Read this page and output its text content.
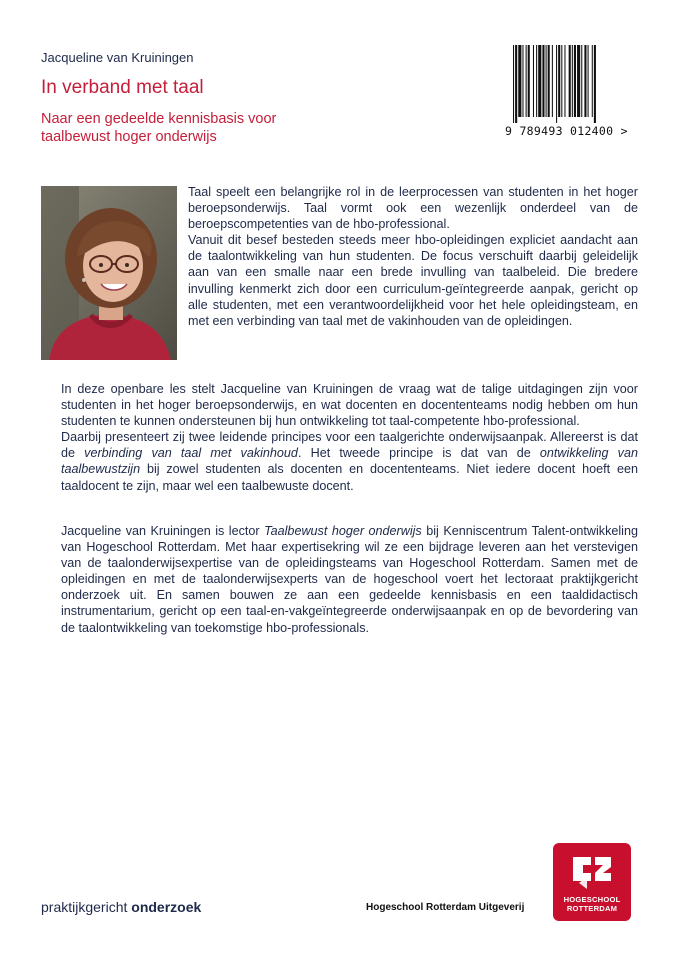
Jacqueline van Kruiningen
In verband met taal
Naar een gedeelde kennisbasis voor taalbewust hoger onderwijs	9 789493 012400 >

Taal speelt een belangrijke rol in de leerprocessen van studenten in het hoger beroepsonderwijs. Taal vormt ook een wezenlijk onderdeel van de beroepscompetenties van de hbo-professional.

Vanuit dit besef besteden steeds meer hbo-opleidingen expliciet aandacht aan de taalontwikkeling van hun studenten. De focus verschuift daarbij geleidelijk aan van een smalle naar een brede invulling van taalbeleid. Die bredere invulling kenmerkt zich door een curriculum-geïntegreerde aanpak, gericht op alle studenten, met een verantwoordelijkheid voor het hele opleidingsteam, en met een verbinding van taal met de vakinhouden van de opleidingen.

In deze openbare les stelt Jacqueline van Kruiningen de vraag wat de talige uitdagingen zijn voor studenten in het hoger beroepsonderwijs, en wat docenten en docententeams nodig hebben om hun studenten te kunnen ondersteunen bij hun ontwikkeling tot taal-competente hbo-professional.

Daarbij presenteert zij twee leidende principes voor een taalgerichte onderwijsaanpak. Allereerst is dat de verbinding van taal met vakinhoud. Het tweede principe is dat van de ontwikkeling van taalbewustzijn bij zowel studenten als docenten en docententeams. Niet iedere docent hoeft een taaldocent te zijn, maar wel een taalbewuste docent.

Jacqueline van Kruiningen is lector Taalbewust hoger onderwijs bij Kenniscentrum Talent-ontwikkeling van Hogeschool Rotterdam. Met haar expertisekring wil ze een bijdrage leveren aan het verstevigen van de taalonderwijsexpertise van de opleidingsteams van Hogeschool Rotterdam. Samen met de opleidingen en met de taalonderwijsexperts van de hogeschool voert het lectoraat praktijkgericht onderzoek uit. En samen bouwen ze aan een gedeelde kennisbasis en een taaldidactisch instrumentarium, gericht op een taal-en-vakgeïntegreerde onderwijsaanpak en op de bevordering van de taalontwikkeling van toekomstige hbo-professionals.

praktijkgericht onderzoek	Hogeschool Rotterdam Uitgeverij
HOGESCHOOL
ROTTERDAM
